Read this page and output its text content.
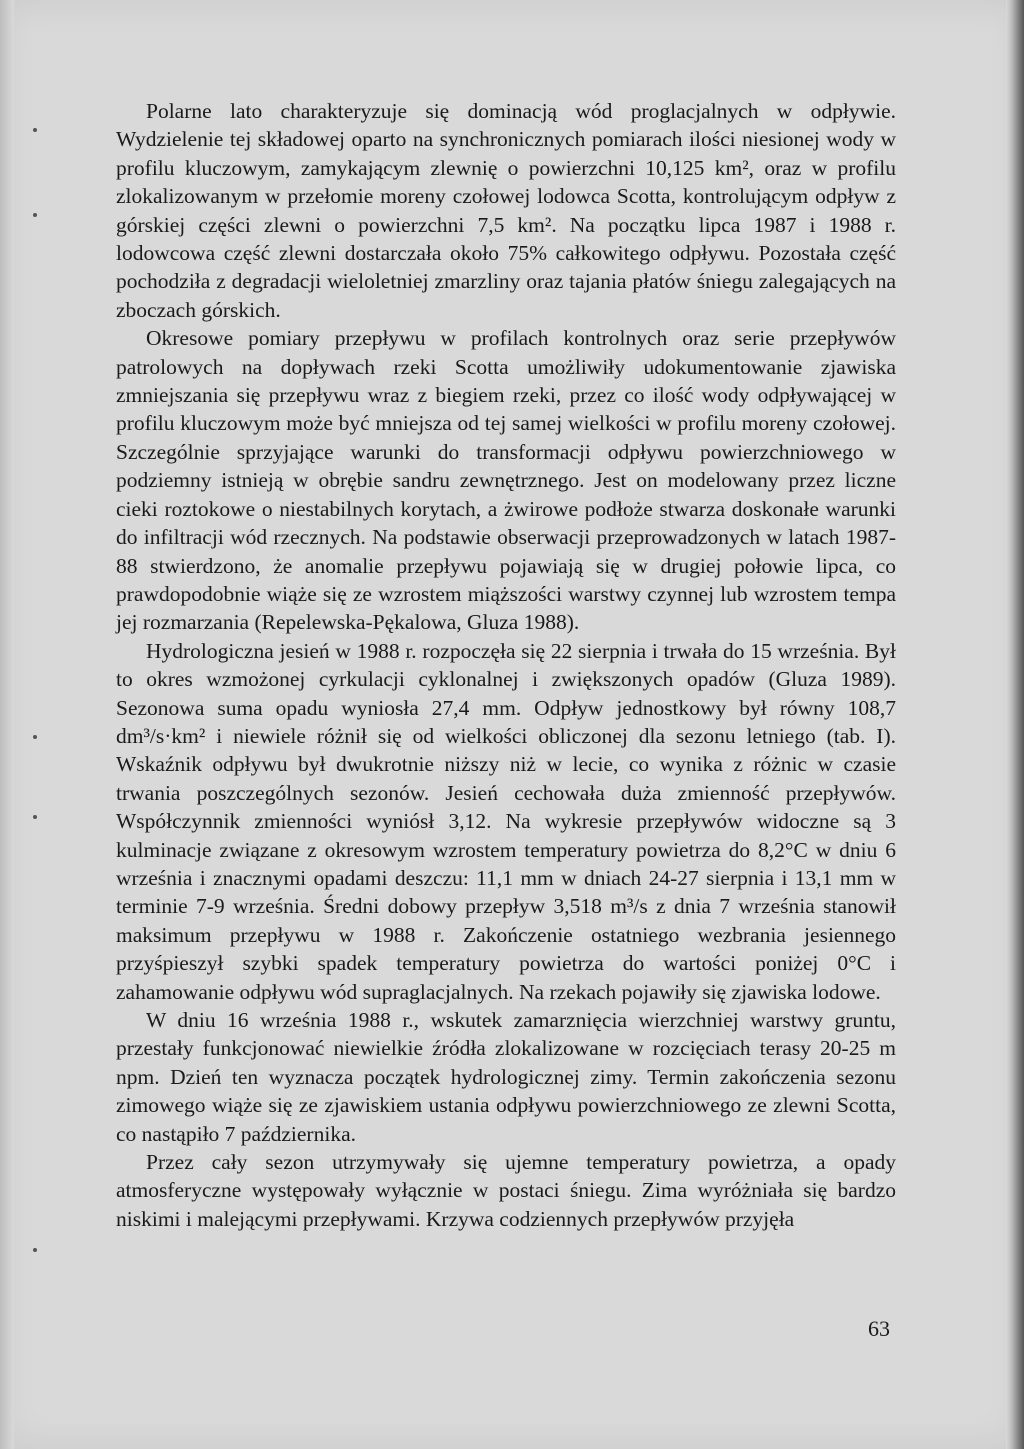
Polarne lato charakteryzuje się dominacją wód proglacjalnych w odpływie. Wydzielenie tej składowej oparto na synchronicznych pomiarach ilości niesionej wody w profilu kluczowym, zamykającym zlewnię o powierzchni 10,125 km², oraz w profilu zlokalizowanym w przełomie moreny czołowej lodowca Scotta, kontrolującym odpływ z górskiej części zlewni o powierzchni 7,5 km². Na początku lipca 1987 i 1988 r. lodowcowa część zlewni dostarczała około 75% całkowitego odpływu. Pozostała część pochodziła z degradacji wieloletniej zmarzliny oraz tajania płatów śniegu zalegających na zboczach górskich.

Okresowe pomiary przepływu w profilach kontrolnych oraz serie przepływów patrolowych na dopływach rzeki Scotta umożliwiły udokumentowanie zjawiska zmniejszania się przepływu wraz z biegiem rzeki, przez co ilość wody odpływającej w profilu kluczowym może być mniejsza od tej samej wielkości w profilu moreny czołowej. Szczególnie sprzyjające warunki do transformacji odpływu powierzchniowego w podziemny istnieją w obrębie sandru zewnętrznego. Jest on modelowany przez liczne cieki roztokowe o niestabilnych korytach, a żwirowe podłoże stwarza doskonałe warunki do infiltracji wód rzecznych. Na podstawie obserwacji przeprowadzonych w latach 1987-88 stwierdzono, że anomalie przepływu pojawiają się w drugiej połowie lipca, co prawdopodobnie wiąże się ze wzrostem miąższości warstwy czynnej lub wzrostem tempa jej rozmarzania (Repelewska-Pękalowa, Gluza 1988).

Hydrologiczna jesień w 1988 r. rozpoczęła się 22 sierpnia i trwała do 15 września. Był to okres wzmożonej cyrkulacji cyklonalnej i zwiększonych opadów (Gluza 1989). Sezonowa suma opadu wyniosła 27,4 mm. Odpływ jednostkowy był równy 108,7 dm³/s·km² i niewiele różnił się od wielkości obliczonej dla sezonu letniego (tab. I). Wskaźnik odpływu był dwukrotnie niższy niż w lecie, co wynika z różnic w czasie trwania poszczególnych sezonów. Jesień cechowała duża zmienność przepływów. Współczynnik zmienności wyniósł 3,12. Na wykresie przepływów widoczne są 3 kulminacje związane z okresowym wzrostem temperatury powietrza do 8,2°C w dniu 6 września i znacznymi opadami deszczu: 11,1 mm w dniach 24-27 sierpnia i 13,1 mm w terminie 7-9 września. Średni dobowy przepływ 3,518 m³/s z dnia 7 września stanowił maksimum przepływu w 1988 r. Zakończenie ostatniego wezbrania jesiennego przyśpieszył szybki spadek temperatury powietrza do wartości poniżej 0°C i zahamowanie odpływu wód supraglacjalnych. Na rzekach pojawiły się zjawiska lodowe.

W dniu 16 września 1988 r., wskutek zamarznięcia wierzchniej warstwy gruntu, przestały funkcjonować niewielkie źródła zlokalizowane w rozcięciach terasy 20-25 m npm. Dzień ten wyznacza początek hydrologicznej zimy. Termin zakończenia sezonu zimowego wiąże się ze zjawiskiem ustania odpływu powierzchniowego ze zlewni Scotta, co nastąpiło 7 października.

Przez cały sezon utrzymywały się ujemne temperatury powietrza, a opady atmosferyczne występowały wyłącznie w postaci śniegu. Zima wyróżniała się bardzo niskimi i malejącymi przepływami. Krzywa codziennych przepływów przyjęła

63
